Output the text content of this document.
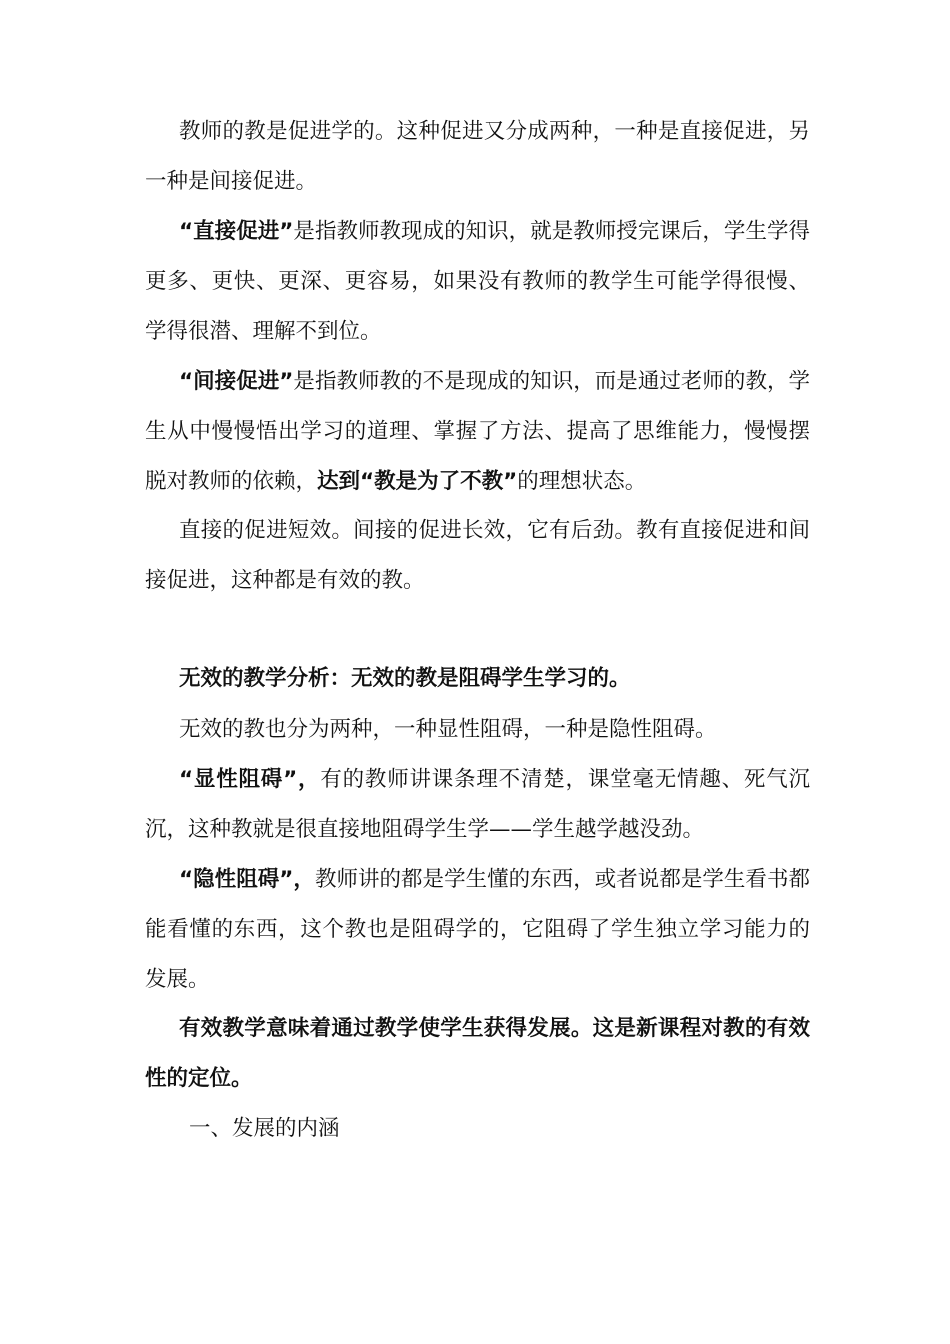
教师的教是促进学的。这种促进又分成两种，一种是直接促进，另一种是间接促进。

“直接促进”是指教师教现成的知识，就是教师授完课后，学生学得更多、更快、更深、更容易，如果没有教师的教学生可能学得很慢、学得很潜、理解不到位。

“间接促进”是指教师教的不是现成的知识，而是通过老师的教，学生从中慢慢悟出学习的道理、掌握了方法、提高了思维能力，慢慢摆脱对教师的依赖，达到“教是为了不教”的理想状态。

直接的促进短效。间接的促进长效，它有后劲。教有直接促进和间接促进，这种都是有效的教。

无效的教学分析：无效的教是阻碍学生学习的。

无效的教也分为两种，一种显性阻碍，一种是隐性阻碍。

“显性阻碍”，有的教师讲课条理不清楚，课堂毫无情趣、死气沉沉，这种教就是很直接地阻碍学生学——学生越学越没劲。

“隐性阻碍”，教师讲的都是学生懂的东西，或者说都是学生看书都能看懂的东西，这个教也是阻碍学的，它阻碍了学生独立学习能力的发展。

有效教学意味着通过教学使学生获得发展。这是新课程对教的有效性的定位。

一、发展的内涵
